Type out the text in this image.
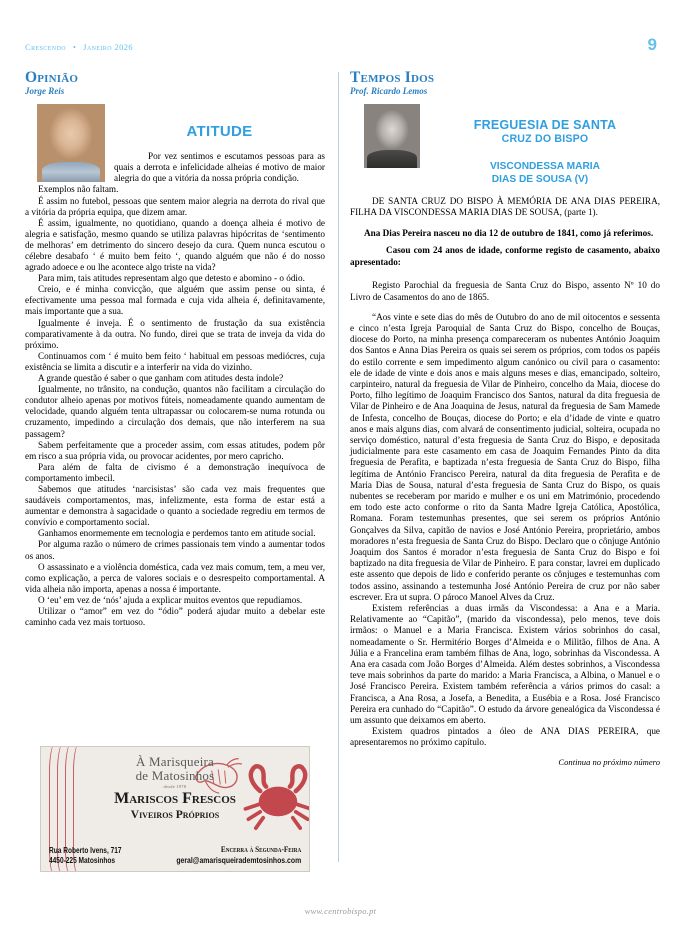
Crescendo • Janeiro 2026	9
Opinião
Jorge Reis
ATITUDE

Por vez sentimos e escutamos pessoas para as quais a derrota e infelicidade alheias é motivo de maior alegria do que a vitória da nossa própria condição.

Exemplos não faltam.

É assim no futebol, pessoas que sentem maior alegria na derrota do rival que a vitória da própria equipa, que dizem amar.

É assim, igualmente, no quotidiano, quando a doença alheia é motivo de alegria e satisfação, mesmo quando se utiliza palavras hipócritas de ‘sentimento de melhoras’ em detrimento do sincero desejo da cura. Quem nunca escutou o célebre desabafo ‘ é muito bem feito ‘, quando alguém que não é do nosso agrado adoece e ou lhe acontece algo triste na vida?

Para mim, tais atitudes representam algo que detesto e abomino - o ódio.

Creio, e é minha convicção, que alguém que assim pense ou sinta, é efectivamente uma pessoa mal formada e cuja vida alheia é, definitavamente, mais importante que a sua.

Igualmente é inveja. É o sentimento de frustação da sua existência comparativamente à da outra. No fundo, direi que se trata de inveja da vida do próximo.

Continuamos com ‘ é muito bem feito ‘ habitual em pessoas mediócres, cuja existência se limita a discutir e a interferir na vida do vizinho.

A grande questão é saber o que ganham com atitudes desta índole?

Igualmente, no trânsito, na condução, quantos não facilitam a circulação do condutor alheio apenas por motivos fúteis, nomeadamente quando aumentam de velocidade, quando alguém tenta ultrapassar ou colocarem-se numa rotunda ou cruzamento, impedindo a circulação dos demais, que não interferem na sua passagem?

Sabem perfeitamente que a proceder assim, com essas atitudes, podem pôr em risco a sua própria vida, ou provocar acidentes, por mero capricho.

Para além de falta de civismo é a demonstração inequívoca de comportamento imbecil.

Sabemos que atitudes ‘narcisistas’ são cada vez mais frequentes que saudáveis comportamentos, mas, infelizmente, esta forma de estar está a aumentar e demonstra à sagacidade o quanto a sociedade regrediu em termos de convívio e comportamento social.

Ganhamos enormemente em tecnologia e perdemos tanto em atitude social.

Por alguma razão o número de crimes passionais tem vindo a aumentar todos os anos.

O assassinato e a violência doméstica, cada vez mais comum, tem, a meu ver, como explicação, a perca de valores sociais e o desrespeito comportamental. A vida alheia não importa, apenas a nossa é importante.

O ‘eu’ em vez de ‘nós’ ajuda a explicar muitos eventos que repudiamos.

Utilizar o “amor” em vez do “ódio” poderá ajudar muito a debelar este caminho cada vez mais tortuoso.

Tempos Idos
Prof. Ricardo Lemos
FREGUESIA DE SANTA
CRUZ DO BISPO
VISCONDESSA MARIA
DIAS DE SOUSA (V)

DE SANTA CRUZ DO BISPO À MEMÓRIA DE ANA DIAS PEREIRA, FILHA DA VISCONDESSA MARIA DIAS DE SOUSA, (parte 1).

Ana Dias Pereira nasceu no dia 12 de outubro de 1841, como já referimos.

Casou com 24 anos de idade, conforme registo de casamento, abaixo apresentado:

Registo Parochial da freguesia de Santa Cruz do Bispo, assento Nº 10 do Livro de Casamentos do ano de 1865.

“Aos vinte e sete dias do mês de Outubro do ano de mil oitocentos e sessenta e cinco n’esta Igreja Paroquial de Santa Cruz do Bispo, concelho de Bouças, diocese do Porto, na minha presença compareceram os nubentes António Joaquim dos Santos e Anna Dias Pereira os quais sei serem os próprios, com todos os papéis do estilo corrente e sem impedimento algum canónico ou civil para o casamento: ele de idade de vinte e dois anos e mais alguns meses e dias, emancipado, solteiro, carpinteiro, natural da freguesia de Vilar de Pinheiro, concelho da Maia, diocese do Porto, filho legítimo de Joaquim Francisco dos Santos, natural da dita freguesia de Vilar de Pinheiro e de Ana Joaquina de Jesus, natural da freguesia de Sam Mamede de Infesta, concelho de Bouças, diocese do Porto; e ela d’idade de vinte e quatro anos e mais alguns dias, com alvará de consentimento judicial, solteira, ocupada no serviço doméstico, natural d’esta freguesia de Santa Cruz do Bispo, e depositada judicialmente para este casamento em casa de Joaquim Fernandes Pinto da dita freguesia de Perafita, e baptizada n’esta freguesia de Santa Cruz do Bispo, filha legítima de António Francisco Pereira, natural da dita freguesia de Perafita e de Maria Dias de Sousa, natural d’esta freguesia de Santa Cruz do Bispo, os quais nubentes se receberam por marido e mulher e os uni em Matrimónio, procedendo em todo este acto conforme o rito da Santa Madre Igreja Católica, Apostólica, Romana. Foram testemunhas presentes, que sei serem os próprios António Gonçalves da Silva, capitão de navios e José António Pereira, proprietário, ambos moradores n’esta freguesia de Santa Cruz do Bispo. Declaro que o cônjuge António Joaquim dos Santos é morador n’esta freguesia de Santa Cruz do Bispo e foi baptizado na dita freguesia de Vilar de Pinheiro. E para constar, lavrei em duplicado este assento que depois de lido e conferido perante os cônjuges e testemunhas com todos assino, assinando a testemunha José António Pereira de cruz por não saber escrever. Era ut supra. O pároco Manoel Alves da Cruz.

Existem referências a duas irmãs da Viscondessa: a Ana e a Maria. Relativamente ao “Capitão”, (marido da viscondessa), pelo menos, teve dois irmãos: o Manuel e a Maria Francisca. Existem vários sobrinhos do casal, nomeadamente o Sr. Hermitério Borges d’Almeida e o Militão, filhos de Ana. A Júlia e a Francelina eram também filhas de Ana, logo, sobrinhas da Viscondessa. A Ana era casada com João Borges d’Almeida. Além destes sobrinhos, a Viscondessa teve mais sobrinhos da parte do marido: a Maria Francisca, a Albina, o Manuel e o José Francisco Pereira. Existem também referência a vários primos do casal: a Francisca, a Ana Rosa, a Josefa, a Benedita, a Eusébia e a Rosa. José Francisco Pereira era cunhado do “Capitão”. O estudo da árvore genealógica da Viscondessa é um assunto que deixamos em aberto.

Existem quadros pintados a óleo de ANA DIAS PEREIRA, que apresentaremos no próximo capítulo.

Continua no próximo número
À Marisqueira
de Matosinhos
desde 1978
Mariscos Frescos
Viveiros Próprios
Rua Roberto Ivens, 717
4450-225 Matosinhos
Encerra à Segunda-Feira
geral@amarisqueirademtosinhos.com
www.centrobispo.pt
